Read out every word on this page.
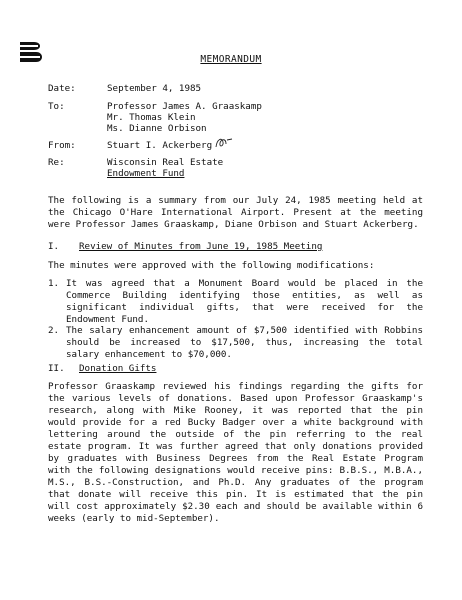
MEMORANDUM
Date:	September 4, 1985
To:	Professor James A. Graaskamp
Mr. Thomas Klein
Ms. Dianne Orbison
From:	Stuart I. Ackerberg
Re:	Wisconsin Real Estate
Endowment Fund
The following is a summary from our July 24, 1985 meeting held at the Chicago O'Hare International Airport. Present at the meeting were Professor James Graaskamp, Diane Orbison and Stuart Ackerberg.
I. Review of Minutes from June 19, 1985 Meeting
The minutes were approved with the following modifications:
1. It was agreed that a Monument Board would be placed in the Commerce Building identifying those entities, as well as significant individual gifts, that were received for the Endowment Fund.
2. The salary enhancement amount of $7,500 identified with Robbins should be increased to $17,500, thus, increasing the total salary enhancement to $70,000.
II. Donation Gifts
Professor Graaskamp reviewed his findings regarding the gifts for the various levels of donations. Based upon Professor Graaskamp's research, along with Mike Rooney, it was reported that the pin would provide for a red Bucky Badger over a white background with lettering around the outside of the pin referring to the real estate program. It was further agreed that only donations provided by graduates with Business Degrees from the Real Estate Program with the following designations would receive pins: B.B.S., M.B.A., M.S., B.S.-Construction, and Ph.D. Any graduates of the program that donate will receive this pin. It is estimated that the pin will cost approximately $2.30 each and should be available within 6 weeks (early to mid-September).
